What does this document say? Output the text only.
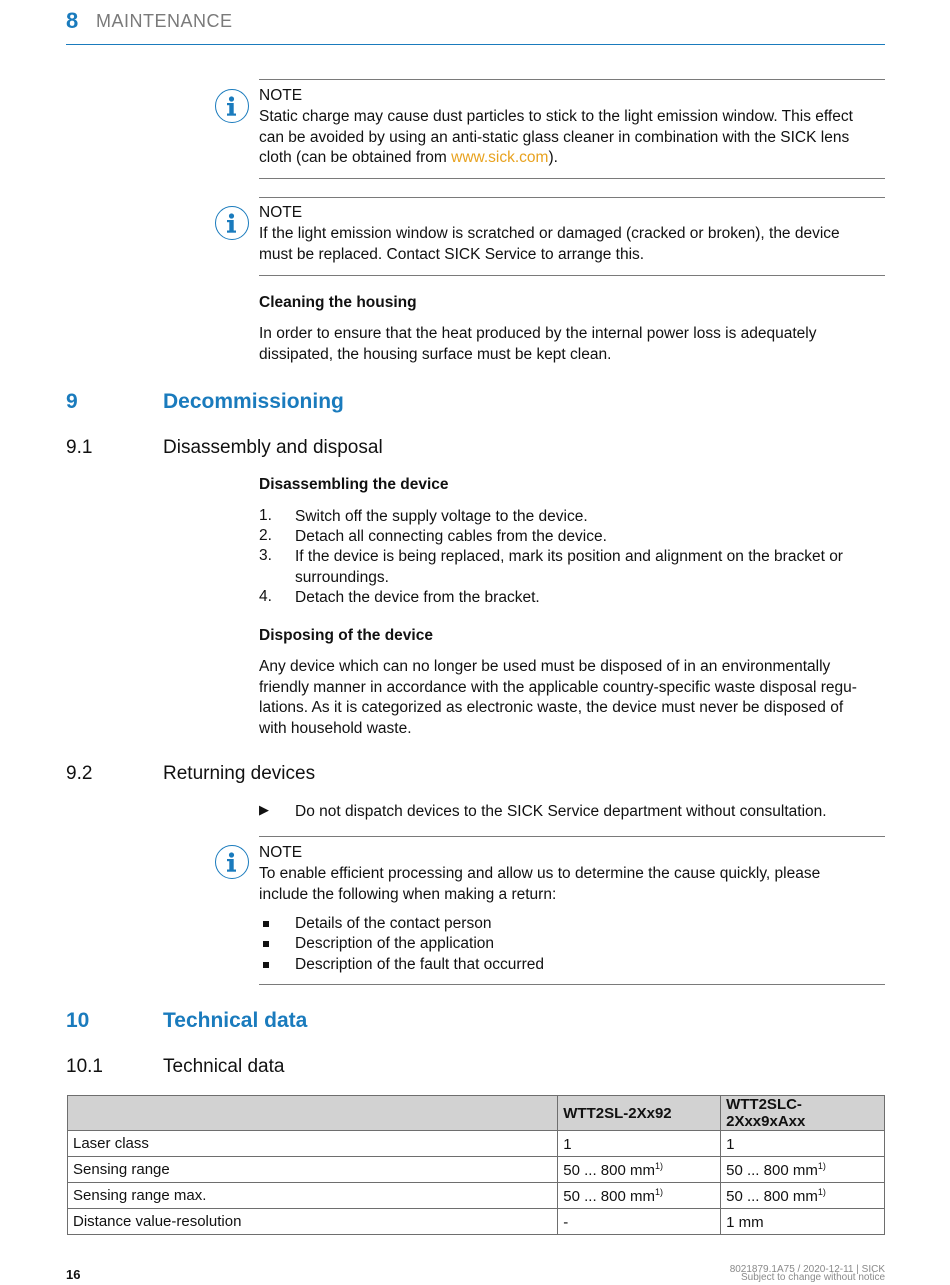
8 MAINTENANCE
NOTE
Static charge may cause dust particles to stick to the light emission window. This effect
can be avoided by using an anti-static glass cleaner in combination with the SICK lens
cloth (can be obtained from www.sick.com).
NOTE
If the light emission window is scratched or damaged (cracked or broken), the device
must be replaced. Contact SICK Service to arrange this.
Cleaning the housing
In order to ensure that the heat produced by the internal power loss is adequately
dissipated, the housing surface must be kept clean.
9	Decommissioning
9.1	Disassembly and disposal
Disassembling the device
1. Switch off the supply voltage to the device.
2. Detach all connecting cables from the device.
3. If the device is being replaced, mark its position and alignment on the bracket or
surroundings.
4. Detach the device from the bracket.
Disposing of the device
Any device which can no longer be used must be disposed of in an environmentally
friendly manner in accordance with the applicable country-specific waste disposal regu-
lations. As it is categorized as electronic waste, the device must never be disposed of
with household waste.
9.2	Returning devices
▶ Do not dispatch devices to the SICK Service department without consultation.
NOTE
To enable efficient processing and allow us to determine the cause quickly, please
include the following when making a return:
Details of the contact person
Description of the application
Description of the fault that occurred
10	Technical data
10.1	Technical data
	WTT2SL-2Xx92	WTT2SLC-2Xxx9xAxx
Laser class	1	1
Sensing range	50 ... 800 $mm^{1)}$	50 ... 800 $mm^{1)}$
Sensing range max.	50 ... 800 $mm^{1)}$	50 ... 800 $mm^{1)}$
Distance value-resolution	-	1 mm
16	8021879.1A75 / 2020-12-11 | SICK
Subject to change without notice
